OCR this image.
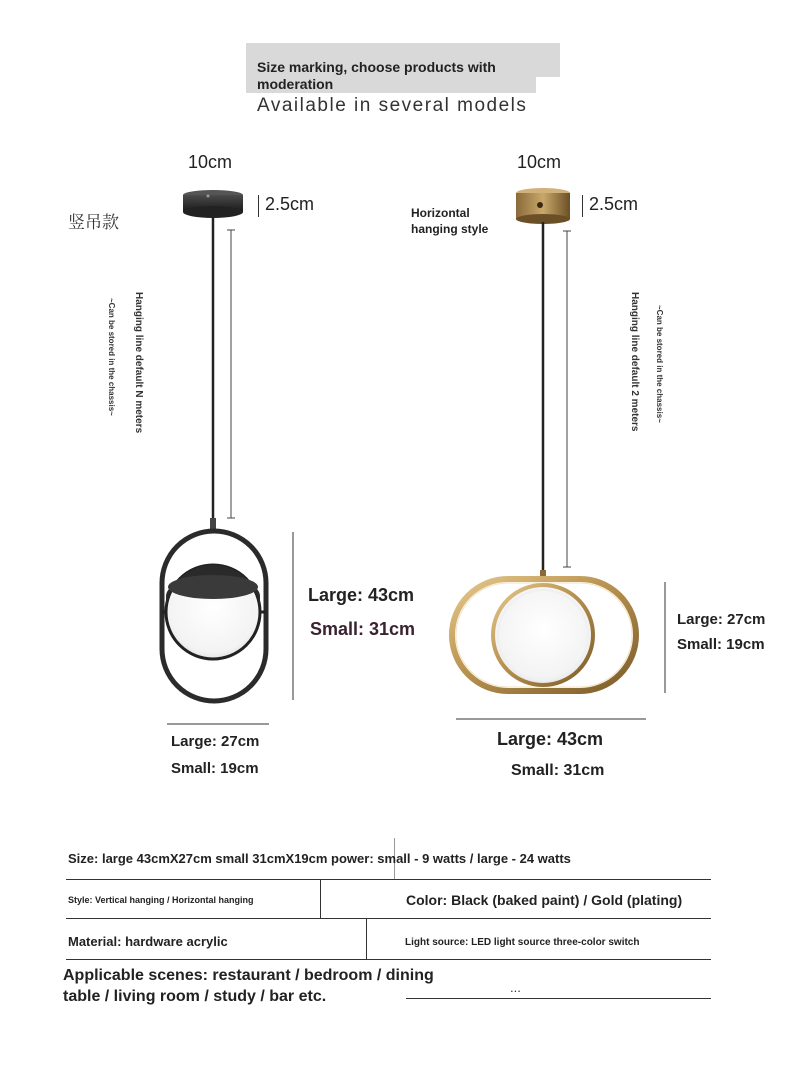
Size marking, choose products with moderation
Available in several models
竖吊款
10cm
2.5cm
Hanging line default N meters
~Can be stored in the chassis~
10cm
2.5cm
Horizontal hanging style
Hanging line default 2 meters ~Can be stored in the chassis~
Large: 43cm
Small: 31cm
Large: 27cm
Small: 19cm
Large: 27cm
Small: 19cm
Large: 43cm
Small: 31cm
Size: large 43cmX27cm small 31cmX19cm power: small - 9 watts / large - 24 watts
Style: Vertical hanging / Horizontal hanging	Color: Black (baked paint) / Gold (plating)
Material: hardware acrylic	Light source: LED light source three-color switch
Applicable scenes: restaurant / bedroom / dining
table / living room / study / bar etc.
...
